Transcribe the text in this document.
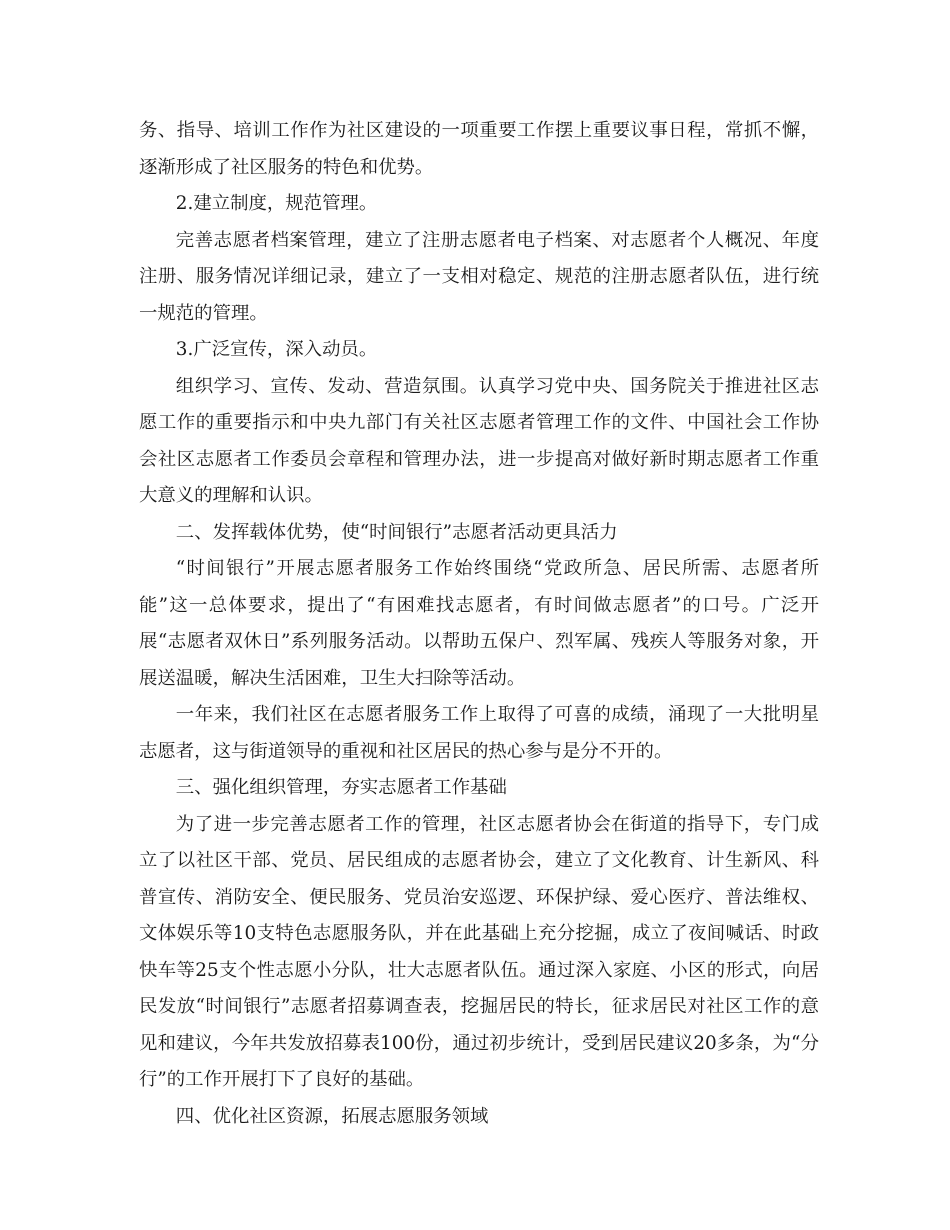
务、指导、培训工作作为社区建设的一项重要工作摆上重要议事日程，常抓不懈，逐渐形成了社区服务的特色和优势。

2.建立制度，规范管理。

完善志愿者档案管理，建立了注册志愿者电子档案、对志愿者个人概况、年度注册、服务情况详细记录，建立了一支相对稳定、规范的注册志愿者队伍，进行统一规范的管理。

3.广泛宣传，深入动员。

组织学习、宣传、发动、营造氛围。认真学习党中央、国务院关于推进社区志愿工作的重要指示和中央九部门有关社区志愿者管理工作的文件、中国社会工作协会社区志愿者工作委员会章程和管理办法，进一步提高对做好新时期志愿者工作重大意义的理解和认识。

二、发挥载体优势，使“时间银行”志愿者活动更具活力

“时间银行”开展志愿者服务工作始终围绕“党政所急、居民所需、志愿者所能”这一总体要求，提出了“有困难找志愿者，有时间做志愿者”的口号。广泛开展“志愿者双休日”系列服务活动。以帮助五保户、烈军属、残疾人等服务对象，开展送温暖，解决生活困难，卫生大扫除等活动。

一年来，我们社区在志愿者服务工作上取得了可喜的成绩，涌现了一大批明星志愿者，这与街道领导的重视和社区居民的热心参与是分不开的。

三、强化组织管理，夯实志愿者工作基础

为了进一步完善志愿者工作的管理，社区志愿者协会在街道的指导下，专门成立了以社区干部、党员、居民组成的志愿者协会，建立了文化教育、计生新风、科普宣传、消防安全、便民服务、党员治安巡逻、环保护绿、爱心医疗、普法维权、文体娱乐等10支特色志愿服务队，并在此基础上充分挖掘，成立了夜间喊话、时政快车等25支个性志愿小分队，壮大志愿者队伍。通过深入家庭、小区的形式，向居民发放“时间银行”志愿者招募调查表，挖掘居民的特长，征求居民对社区工作的意见和建议，今年共发放招募表100份，通过初步统计，受到居民建议20多条，为“分行”的工作开展打下了良好的基础。

四、优化社区资源，拓展志愿服务领域
